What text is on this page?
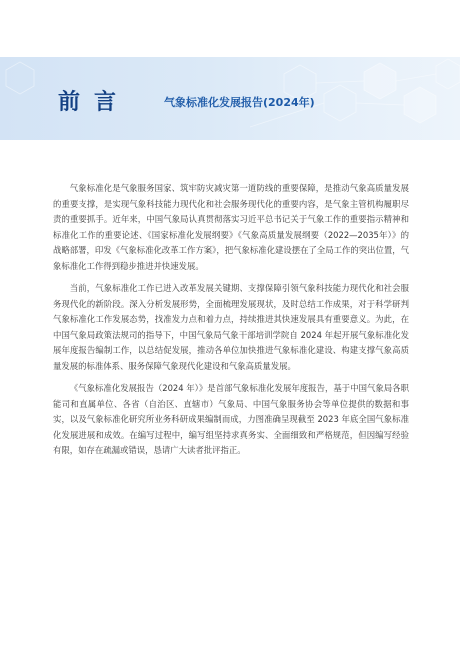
前言	气象标准化发展报告(2024年)

气象标准化是气象服务国家、筑牢防灾减灾第一道防线的重要保障，是推动气象高质量发展的重要支撑，是实现气象科技能力现代化和社会服务现代化的重要内容，是气象主管机构履职尽责的重要抓手。近年来，中国气象局认真贯彻落实习近平总书记关于气象工作的重要指示精神和标准化工作的重要论述、《国家标准化发展纲要》《气象高质量发展纲要（2022—2035年）》的战略部署，印发《气象标准化改革工作方案》，把气象标准化建设摆在了全局工作的突出位置，气象标准化工作得到稳步推进并快速发展。

当前，气象标准化工作已进入改革发展关键期、支撑保障引领气象科技能力现代化和社会服务现代化的新阶段。深入分析发展形势，全面梳理发展现状，及时总结工作成果，对于科学研判气象标准化工作发展态势，找准发力点和着力点，持续推进其快速发展具有重要意义。为此，在中国气象局政策法规司的指导下，中国气象局气象干部培训学院自 2024 年起开展气象标准化发展年度报告编制工作，以总结促发展，推动各单位加快推进气象标准化建设、构建支撑气象高质量发展的标准体系、服务保障气象现代化建设和气象高质量发展。

《气象标准化发展报告（2024 年）》是首部气象标准化发展年度报告，基于中国气象局各职能司和直属单位、各省（自治区、直辖市）气象局、中国气象服务协会等单位提供的数据和事实，以及气象标准化研究所业务科研成果编制而成，力图准确呈现截至 2023 年底全国气象标准化发展进展和成效。在编写过程中，编写组坚持求真务实、全面细致和严格规范，但因编写经验有限，如存在疏漏或错误，恳请广大读者批评指正。
